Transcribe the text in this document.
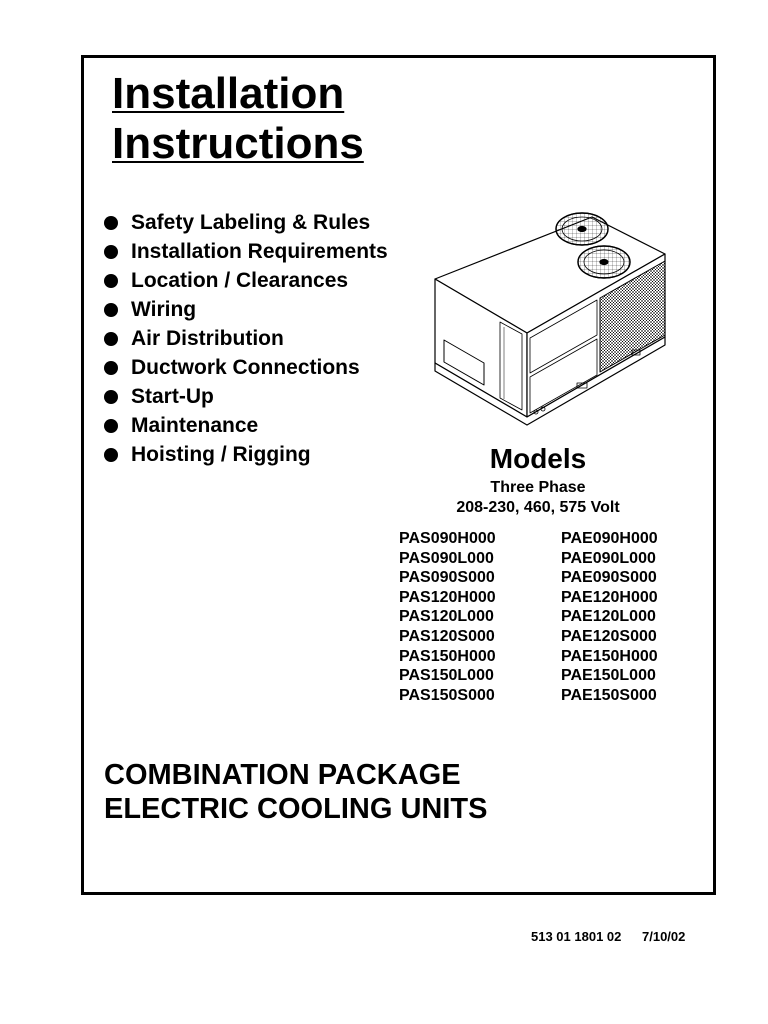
Installation
Instructions
Safety Labeling & Rules
Installation Requirements
Location / Clearances
Wiring
Air Distribution
Ductwork Connections
Start-Up
Maintenance
Hoisting / Rigging	Models
Three Phase
208-230, 460, 575 Volt
PAS090H000
PAS090L000
PAS090S000
PAS120H000
PAS120L000
PAS120S000
PAS150H000
PAS150L000
PAS150S000
PAE090H000
PAE090L000
PAE090S000
PAE120H000
PAE120L000
PAE120S000
PAE150H000
PAE150L000
PAE150S000
COMBINATION PACKAGE
ELECTRIC COOLING UNITS
513 01 1801 02 7/10/02
